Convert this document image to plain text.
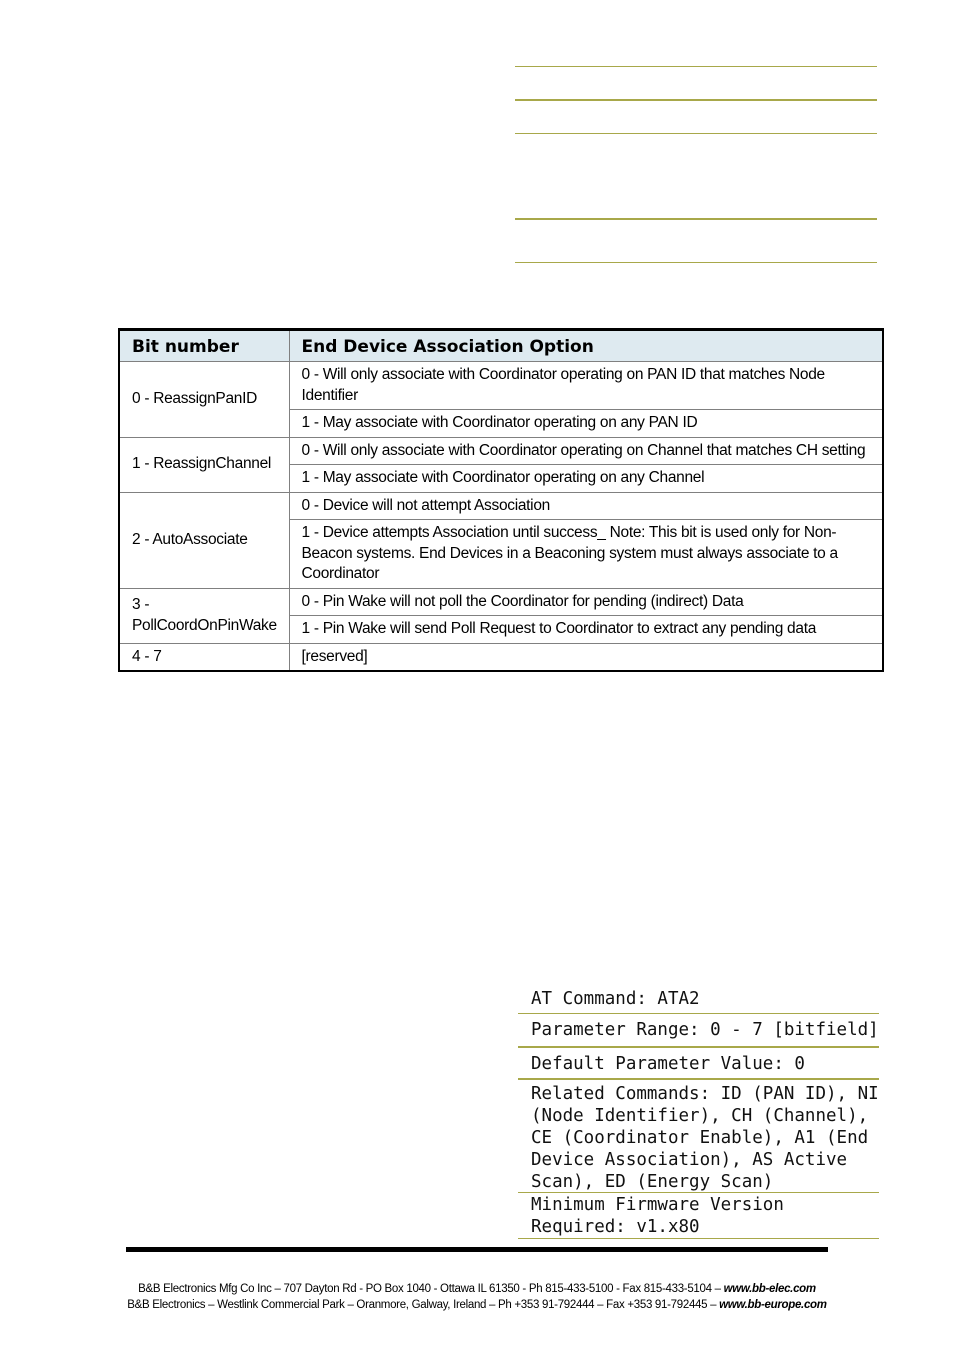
Bit number	End Device Association Option
0 - ReassignPanID	0 - Will only associate with Coordinator operating on PAN ID that matches Node Identifier
	1 - May associate with Coordinator operating on any PAN ID
1 - ReassignChannel	0 - Will only associate with Coordinator operating on Channel that matches CH setting
	1 - May associate with Coordinator operating on any Channel
2 - AutoAssociate	0 - Device will not attempt Association
	1 - Device attempts Association until success_ Note: This bit is used only for Non-Beacon systems. End Devices in a Beaconing system must always associate to a Coordinator
3 - PollCoordOnPinWake	0 - Pin Wake will not poll the Coordinator for pending (indirect) Data
	1 - Pin Wake will send Poll Request to Coordinator to extract any pending data
4 - 7	[reserved]
AT Command: ATA2
Parameter Range: 0 - 7 [bitfield]
Default Parameter Value: 0
Related Commands: ID (PAN ID), NI (Node Identifier), CH (Channel), CE (Coordinator Enable), A1 (End Device Association), AS Active Scan), ED (Energy Scan)
Minimum Firmware Version Required: v1.x80
B&B Electronics Mfg Co Inc – 707 Dayton Rd - PO Box 1040 - Ottawa IL 61350 - Ph 815-433-5100 - Fax 815-433-5104 – www.bb-elec.com
B&B Electronics – Westlink Commercial Park – Oranmore, Galway, Ireland – Ph +353 91-792444 – Fax +353 91-792445 – www.bb-europe.com
